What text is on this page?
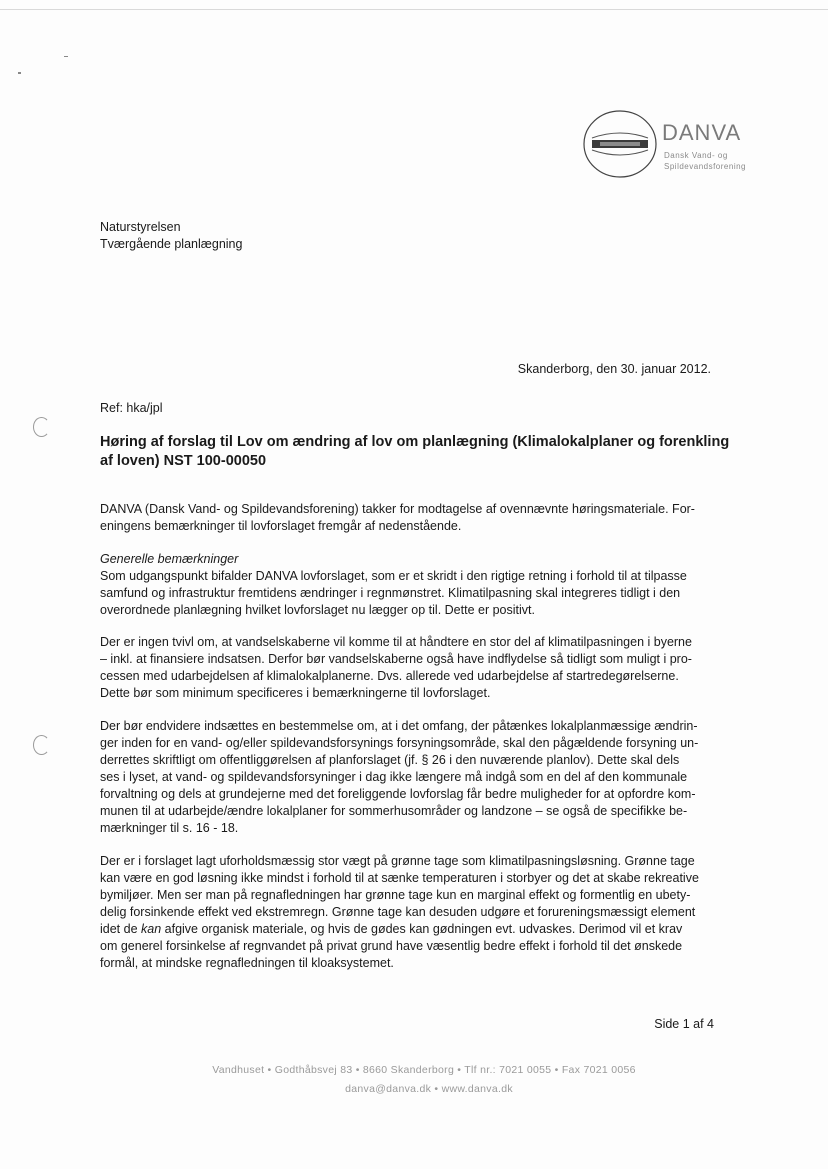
DANVA
Dansk Vand- og
Spildevandsforening
Naturstyrelsen
Tværgående planlægning
Skanderborg, den 30. januar 2012.
Ref: hka/jpl
Høring af forslag til Lov om ændring af lov om planlægning (Klimalokalplaner og forenkling af loven) NST 100-00050
DANVA (Dansk Vand- og Spildevandsforening) takker for modtagelse af ovennævnte høringsmateriale. For-
eningens bemærkninger til lovforslaget fremgår af nedenstående.
Generelle bemærkninger
Som udgangspunkt bifalder DANVA lovforslaget, som er et skridt i den rigtige retning i forhold til at tilpasse
samfund og infrastruktur fremtidens ændringer i regnmønstret. Klimatilpasning skal integreres tidligt i den
overordnede planlægning hvilket lovforslaget nu lægger op til. Dette er positivt.
Der er ingen tvivl om, at vandselskaberne vil komme til at håndtere en stor del af klimatilpasningen i byerne
– inkl. at finansiere indsatsen. Derfor bør vandselskaberne også have indflydelse så tidligt som muligt i pro-
cessen med udarbejdelsen af klimalokalplanerne. Dvs. allerede ved udarbejdelse af startredegørelserne.
Dette bør som minimum specificeres i bemærkningerne til lovforslaget.
Der bør endvidere indsættes en bestemmelse om, at i det omfang, der påtænkes lokalplanmæssige ændrin-
ger inden for en vand- og/eller spildevandsforsynings forsyningsområde, skal den pågældende forsyning un-
derrettes skriftligt om offentliggørelsen af planforslaget (jf. § 26 i den nuværende planlov). Dette skal dels
ses i lyset, at vand- og spildevandsforsyninger i dag ikke længere må indgå som en del af den kommunale
forvaltning og dels at grundejerne med det foreliggende lovforslag får bedre muligheder for at opfordre kom-
munen til at udarbejde/ændre lokalplaner for sommerhusområder og landzone – se også de specifikke be-
mærkninger til s. 16 - 18.
Der er i forslaget lagt uforholdsmæssig stor vægt på grønne tage som klimatilpasningsløsning. Grønne tage
kan være en god løsning ikke mindst i forhold til at sænke temperaturen i storbyer og det at skabe rekreative
bymiljøer. Men ser man på regnafledningen har grønne tage kun en marginal effekt og formentlig en ubety-
delig forsinkende effekt ved ekstremregn. Grønne tage kan desuden udgøre et forureningsmæssigt element
idet de kan afgive organisk materiale, og hvis de gødes kan gødningen evt. udvaskes. Derimod vil et krav
om generel forsinkelse af regnvandet på privat grund have væsentlig bedre effekt i forhold til det ønskede
formål, at mindske regnafledningen til kloaksystemet.
Side 1 af 4
Vandhuset • Godthåbsvej 83 • 8660 Skanderborg • Tlf nr.: 7021 0055 • Fax 7021 0056
danva@danva.dk • www.danva.dk
